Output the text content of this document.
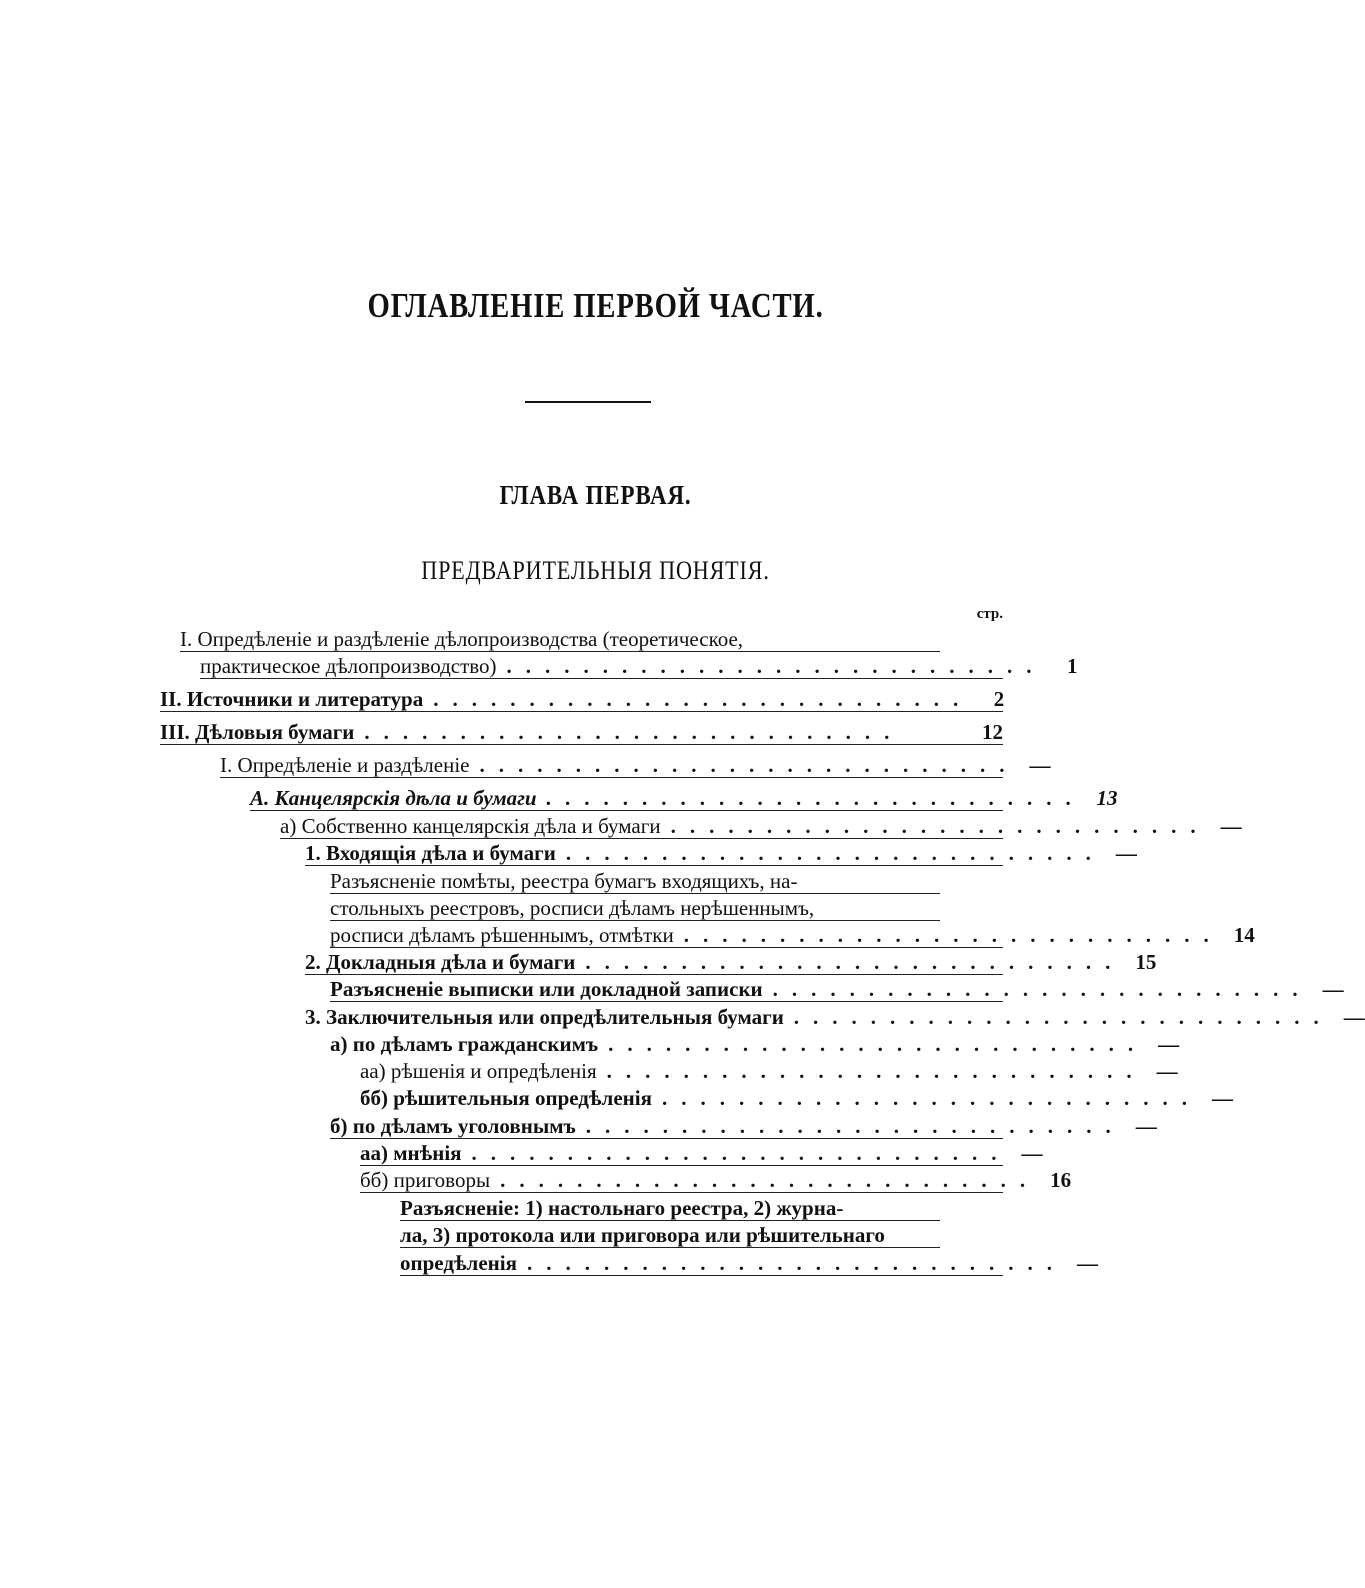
ОГЛАВЛЕНІЕ ПЕРВОЙ ЧАСТИ.
ГЛАВА ПЕРВАЯ.
ПРЕДВАРИТЕЛЬНЫЯ ПОНЯТІЯ.
стр.
I. Опредѣленіе и раздѣленіе дѣлопроизводства (теоретическое,
практическое дѣлопроизводство) ............................	1
II. Источники и литература ............................	2
III. Дѣловыя бумаги ............................	12
I. Опредѣленіе и раздѣленіе ............................ —
А. Канцелярскія дѣла и бумаги ............................ 13
а) Собственно канцелярскія дѣла и бумаги ............................ —
1. Входящія дѣла и бумаги ............................ —
Разъясненіе помѣты, реестра бумагъ входящихъ, на-
стольныхъ реестровъ, росписи дѣламъ нерѣшеннымъ,
росписи дѣламъ рѣшеннымъ, отмѣтки ............................ 14
2. Докладныя дѣла и бумаги ............................ 15
Разъясненіе выписки или докладной записки ............................ —
3. Заключительныя или опредѣлительныя бумаги ............................ —
а) по дѣламъ гражданскимъ ............................ —
аа) рѣшенія и опредѣленія ............................ —
бб) рѣшительныя опредѣленія ............................ —
б) по дѣламъ уголовнымъ ............................ —
аа) мнѣнія ............................ —
бб) приговоры ............................ 16
Разъясненіе: 1) настольнаго реестра, 2) журна-
ла, 3) протокола или приговора или рѣшительнаго
опредѣленія ............................ —
